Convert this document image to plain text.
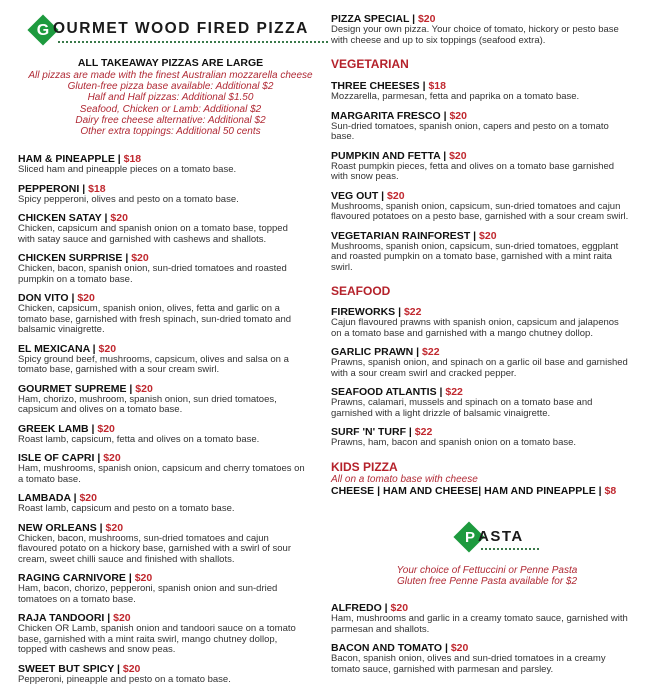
G OURMET WOOD FIRED PIZZA
ALL TAKEAWAY PIZZAS ARE LARGE
All pizzas are made with the finest Australian mozzarella cheese
Gluten-free pizza base available: Additional $2
Half and Half pizzas: Additional $1.50
Seafood, Chicken or Lamb: Additional $2
Dairy free cheese alternative: Additional $2
Other extra toppings: Additional 50 cents
HAM & PINEAPPLE | $18
Sliced ham and pineapple pieces on a tomato base.
PEPPERONI | $18
Spicy pepperoni, olives and pesto on a tomato base.
CHICKEN SATAY | $20
Chicken, capsicum and spanish onion on a tomato base, topped
with satay sauce and garnished with cashews and shallots.
CHICKEN SURPRISE | $20
Chicken, bacon, spanish onion, sun-dried tomatoes and roasted
pumpkin on a tomato base.
DON VITO | $20
Chicken, capsicum, spanish onion, olives, fetta and garlic on a
tomato base, garnished with fresh spinach, sun-dried tomato and
balsamic vinaigrette.
EL MEXICANA | $20
Spicy ground beef, mushrooms, capsicum, olives and salsa on a
tomato base, garnished with a sour cream swirl.
GOURMET SUPREME | $20
Ham, chorizo, mushroom, spanish onion, sun dried tomatoes,
capsicum and olives on a tomato base.
GREEK LAMB | $20
Roast lamb, capsicum, fetta and olives on a tomato base.
ISLE OF CAPRI | $20
Ham, mushrooms, spanish onion, capsicum and cherry tomatoes on
a tomato base.
LAMBADA | $20
Roast lamb, capsicum and pesto on a tomato base.
NEW ORLEANS | $20
Chicken, bacon, mushrooms, sun-dried tomatoes and cajun
flavoured potato on a hickory base, garnished with a swirl of sour
cream, sweet chilli sauce and finished with shallots.
RAGING CARNIVORE | $20
Ham, bacon, chorizo, pepperoni, spanish onion and sun-dried
tomatoes on a tomato base.
RAJA TANDOORI | $20
Chicken OR Lamb, spanish onion and tandoori sauce on a tomato
base, garnished with a mint raita swirl, mango chutney dollop,
topped with cashews and snow peas.
SWEET BUT SPICY | $20
Pepperoni, pineapple and pesto on a tomato base.
PIZZA SPECIAL | $20
Design your own pizza. Your choice of tomato, hickory or pesto base
with cheese and up to six toppings (seafood extra).
VEGETARIAN
THREE CHEESES | $18
Mozzarella, parmesan, fetta and paprika on a tomato base.
MARGARITA FRESCO | $20
Sun-dried tomatoes, spanish onion, capers and pesto on a tomato
base.
PUMPKIN AND FETTA | $20
Roast pumpkin pieces, fetta and olives on a tomato base garnished
with snow peas.
VEG OUT | $20
Mushrooms, spanish onion, capsicum, sun-dried tomatoes and cajun
flavoured potatoes on a pesto base, garnished with a sour cream swirl.
VEGETARIAN RAINFOREST | $20
Mushrooms, spanish onion, capsicum, sun-dried tomatoes, eggplant
and roasted pumpkin on a tomato base, garnished with a mint raita
swirl.
SEAFOOD
FIREWORKS | $22
Cajun flavoured prawns with spanish onion, capsicum and jalapenos
on a tomato base and garnished with a mango chutney dollop.
GARLIC PRAWN | $22
Prawns, spanish onion, and spinach on a garlic oil base and garnished
with a sour cream swirl and cracked pepper.
SEAFOOD ATLANTIS | $22
Prawns, calamari, mussels and spinach on a tomato base and
garnished with a light drizzle of balsamic vinaigrette.
SURF 'N' TURF | $22
Prawns, ham, bacon and spanish onion on a tomato base.
KIDS PIZZA
All on a tomato base with cheese
CHEESE | HAM AND CHEESE| HAM AND PINEAPPLE | $8
P ASTA
Your choice of Fettuccini or Penne Pasta
Gluten free Penne Pasta available for $2
ALFREDO | $20
Ham, mushrooms and garlic in a creamy tomato sauce, garnished with
parmesan and shallots.
BACON AND TOMATO | $20
Bacon, spanish onion, olives and sun-dried tomatoes in a creamy
tomato sauce, garnished with parmesan and parsley.
